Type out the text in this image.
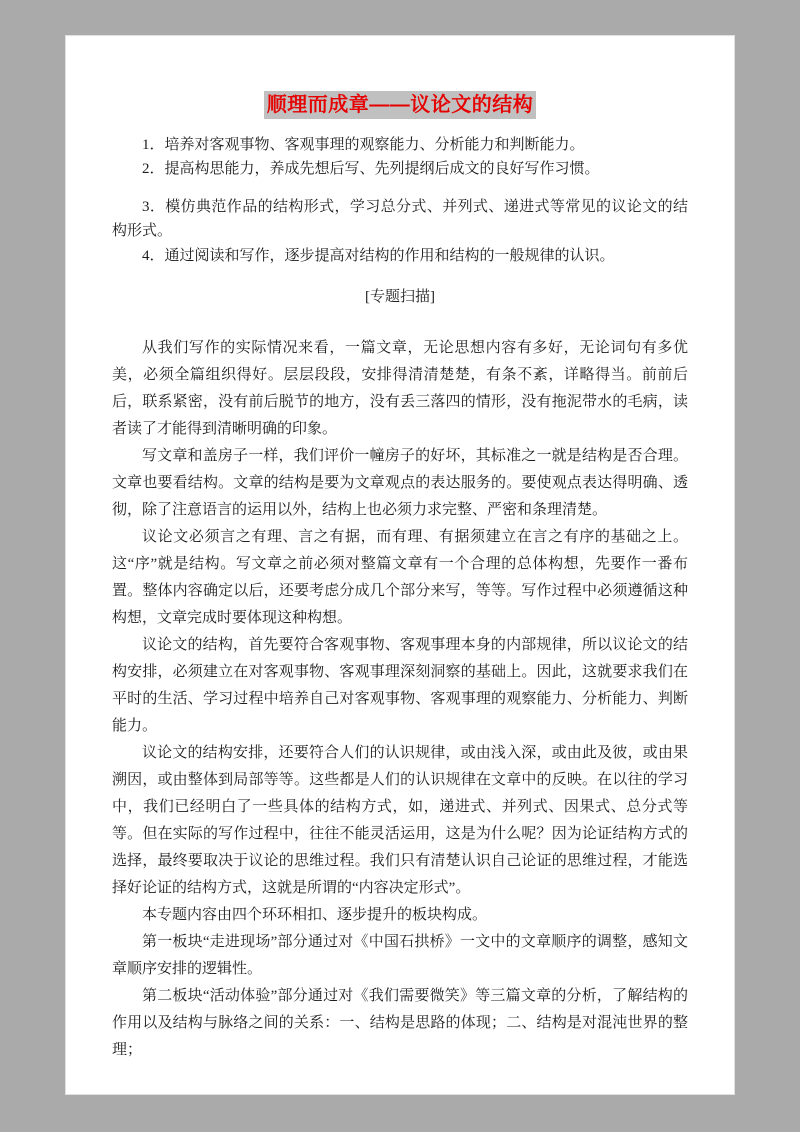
顺理而成章——议论文的结构

1．培养对客观事物、客观事理的观察能力、分析能力和判断能力。

2．提高构思能力，养成先想后写、先列提纲后成文的良好写作习惯。

3．模仿典范作品的结构形式，学习总分式、并列式、递进式等常见的议论文的结构形式。

4．通过阅读和写作，逐步提高对结构的作用和结构的一般规律的认识。

[专题扫描]

从我们写作的实际情况来看，一篇文章，无论思想内容有多好，无论词句有多优美，必须全篇组织得好。层层段段，安排得清清楚楚，有条不紊，详略得当。前前后后，联系紧密，没有前后脱节的地方，没有丢三落四的情形，没有拖泥带水的毛病，读者读了才能得到清晰明确的印象。

写文章和盖房子一样，我们评价一幢房子的好坏，其标准之一就是结构是否合理。文章也要看结构。文章的结构是要为文章观点的表达服务的。要使观点表达得明确、透彻，除了注意语言的运用以外，结构上也必须力求完整、严密和条理清楚。

议论文必须言之有理、言之有据，而有理、有据须建立在言之有序的基础之上。这“序”就是结构。写文章之前必须对整篇文章有一个合理的总体构想，先要作一番布置。整体内容确定以后，还要考虑分成几个部分来写，等等。写作过程中必须遵循这种构想，文章完成时要体现这种构想。

议论文的结构，首先要符合客观事物、客观事理本身的内部规律，所以议论文的结构安排，必须建立在对客观事物、客观事理深刻洞察的基础上。因此，这就要求我们在平时的生活、学习过程中培养自己对客观事物、客观事理的观察能力、分析能力、判断能力。

议论文的结构安排，还要符合人们的认识规律，或由浅入深，或由此及彼，或由果溯因，或由整体到局部等等。这些都是人们的认识规律在文章中的反映。在以往的学习中，我们已经明白了一些具体的结构方式，如，递进式、并列式、因果式、总分式等等。但在实际的写作过程中，往往不能灵活运用，这是为什么呢？因为论证结构方式的选择，最终要取决于议论的思维过程。我们只有清楚认识自己论证的思维过程，才能选择好论证的结构方式，这就是所谓的“内容决定形式”。

本专题内容由四个环环相扣、逐步提升的板块构成。

第一板块“走进现场”部分通过对《中国石拱桥》一文中的文章顺序的调整，感知文章顺序安排的逻辑性。

第二板块“活动体验”部分通过对《我们需要微笑》等三篇文章的分析，了解结构的作用以及结构与脉络之间的关系：一、结构是思路的体现；二、结构是对混沌世界的整理；
